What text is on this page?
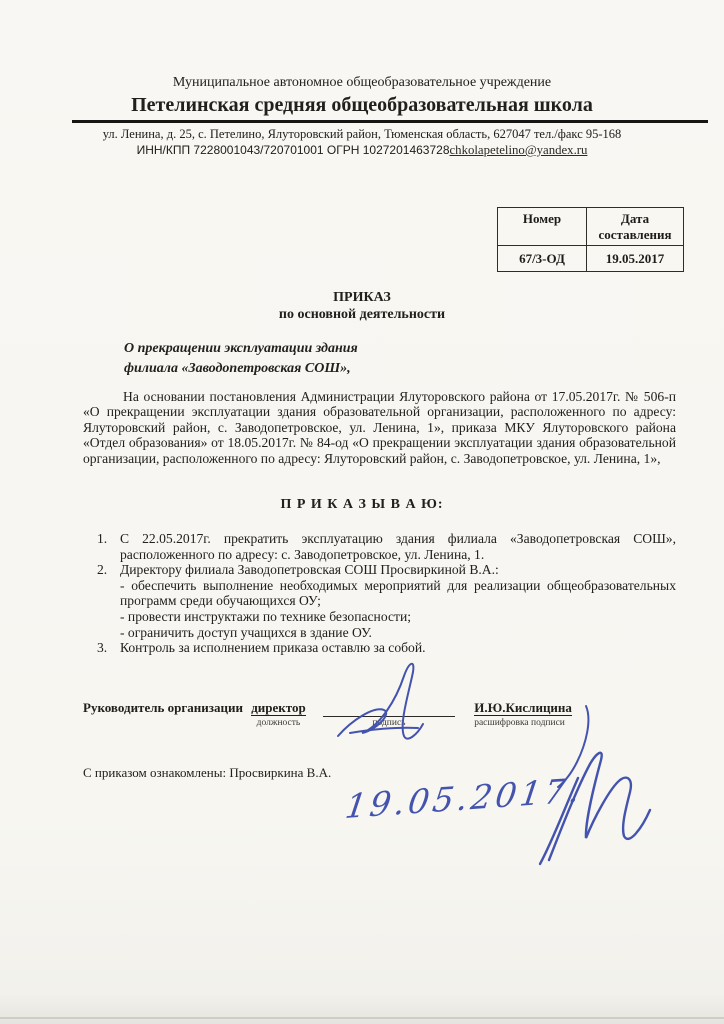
Муниципальное автономное общеобразовательное учреждение
Петелинская средняя общеобразовательная школа
ул. Ленина, д. 25, с. Петелино, Ялуторовский район, Тюменская область, 627047 тел./факс 95-168
ИНН/КПП 7228001043/720701001 ОГРН 1027201463728chkolapetelino@yandex.ru
Номер	Дата составления
67/3-ОД	19.05.2017
ПРИКАЗ
по основной деятельности
О прекращении эксплуатации здания
филиала «Заводопетровская СОШ»,
На основании постановления Администрации Ялуторовского района от 17.05.2017г. № 506-п «О прекращении эксплуатации здания образовательной организации, расположенного по адресу: Ялуторовский район, с. Заводопетровское, ул. Ленина, 1», приказа МКУ Ялуторовского района «Отдел образования» от 18.05.2017г. № 84-од «О прекращении эксплуатации здания образовательной организации, расположенного по адресу: Ялуторовский район, с. Заводопетровское, ул. Ленина, 1»,
П Р И К А З Ы В А Ю:
1. С 22.05.2017г. прекратить эксплуатацию здания филиала «Заводопетровская СОШ», расположенного по адресу: с. Заводопетровское, ул. Ленина, 1.
2. Директору филиала Заводопетровская СОШ Просвиркиной В.А.:
- обеспечить выполнение необходимых мероприятий для реализации общеобразовательных программ среди обучающихся ОУ;
- провести инструктажи по технике безопасности;
- ограничить доступ учащихся в здание ОУ.
3. Контроль за исполнением приказа оставлю за собой.
Руководитель организации директор
должность
	подпись
И.Ю.Кислицина
расшифровка подписи
С приказом ознакомлены: Просвиркина В.А. 19.05.2017.
